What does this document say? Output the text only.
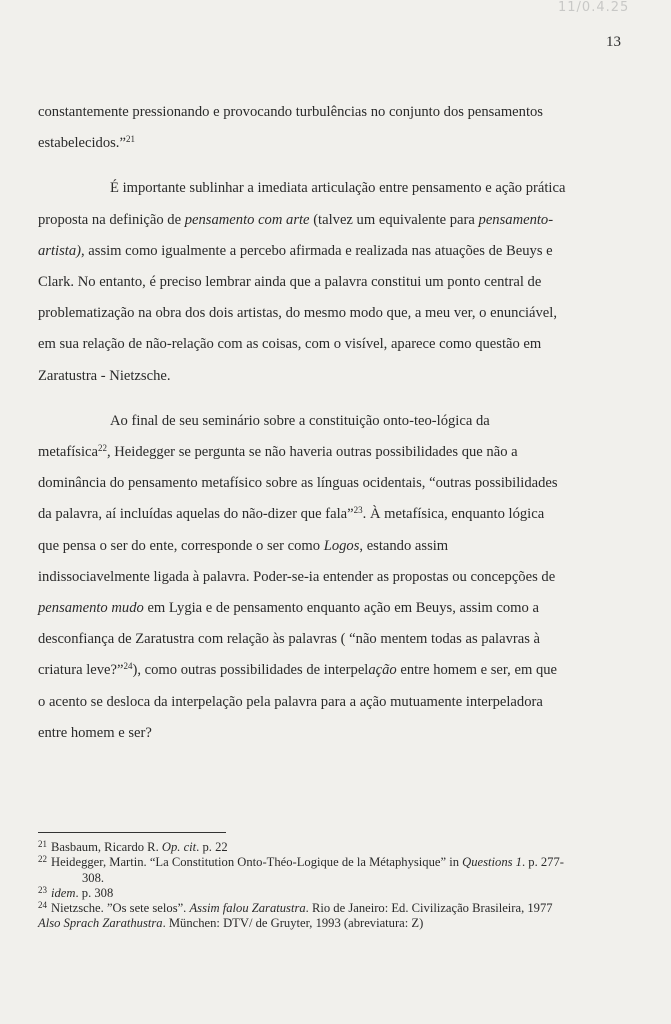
11/0.4.25
13
constantemente pressionando e provocando turbulências no conjunto dos pensamentos
estabelecidos.”$^{21}$
É importante sublinhar a imediata articulação entre pensamento e ação prática
proposta na definição de pensamento com arte (talvez um equivalente para pensamento-
artista), assim como igualmente a percebo afirmada e realizada nas atuações de Beuys e
Clark. No entanto, é preciso lembrar ainda que a palavra constitui um ponto central de
problematização na obra dos dois artistas, do mesmo modo que, a meu ver, o enunciável,
em sua relação de não-relação com as coisas, com o visível, aparece como questão em
Zaratustra - Nietzsche.
Ao final de seu seminário sobre a constituição onto-teo-lógica da
metafísica$^{22}$, Heidegger se pergunta se não haveria outras possibilidades que não a
dominância do pensamento metafísico sobre as línguas ocidentais, “outras possibilidades
da palavra, aí incluídas aquelas do não-dizer que fala”$^{23}$. À metafísica, enquanto lógica
que pensa o ser do ente, corresponde o ser como Logos, estando assim
indissociavelmente ligada à palavra. Poder-se-ia entender as propostas ou concepções de
pensamento mudo em Lygia e de pensamento enquanto ação em Beuys, assim como a
desconfiança de Zaratustra com relação às palavras ( “não mentem todas as palavras à
criatura leve?”$^{24}$), como outras possibilidades de interpelação entre homem e ser, em que
o acento se desloca da interpelação pela palavra para a ação mutuamente interpeladora
entre homem e ser?
$^{21}$ Basbaum, Ricardo R. Op. cit. p. 22
$^{22}$ Heidegger, Martin. “La Constitution Onto-Théo-Logique de la Métaphysique” in Questions 1. p. 277-
308.
$^{23}$ idem. p. 308
$^{24}$ Nietzsche. ”Os sete selos”. Assim falou Zaratustra. Rio de Janeiro: Ed. Civilização Brasileira, 1977
Also Sprach Zarathustra. München: DTV/ de Gruyter, 1993 (abreviatura: Z)
